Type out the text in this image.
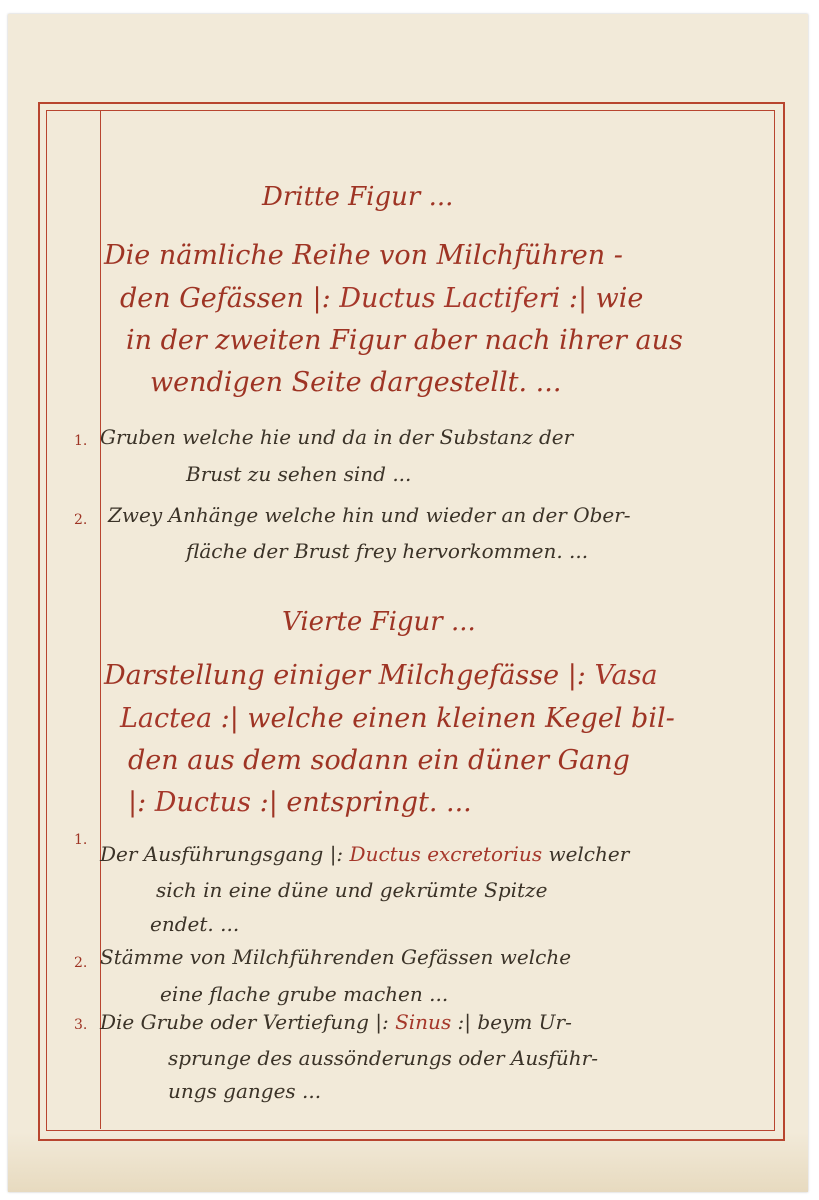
Dritte Figur ...
Die nämliche Reihe von Milchführen -
den Gefässen |: Ductus Lactiferi :| wie
in der zweiten Figur aber nach ihrer aus
wendigen Seite dargestellt. ...
1. Gruben welche hie und da in der Substanz der
Brust zu sehen sind ...
2. Zwey Anhänge welche hin und wieder an der Ober-
fläche der Brust frey hervorkommen. ...
Vierte Figur ...
Darstellung einiger Milchgefässe |: Vasa
Lactea :| welche einen kleinen Kegel bil-
den aus dem sodann ein düner Gang
|: Ductus :| entspringt. ...
1.
Der Ausführungsgang |: Ductus excretorius welcher
sich in eine düne und gekrümte Spitze
endet. ...
2. Stämme von Milchführenden Gefässen welche
eine flache grube machen ...
3. Die Grube oder Vertiefung |: Sinus :| beym Ur-
sprunge des aussönderungs oder Ausführ-
ungs ganges ...
